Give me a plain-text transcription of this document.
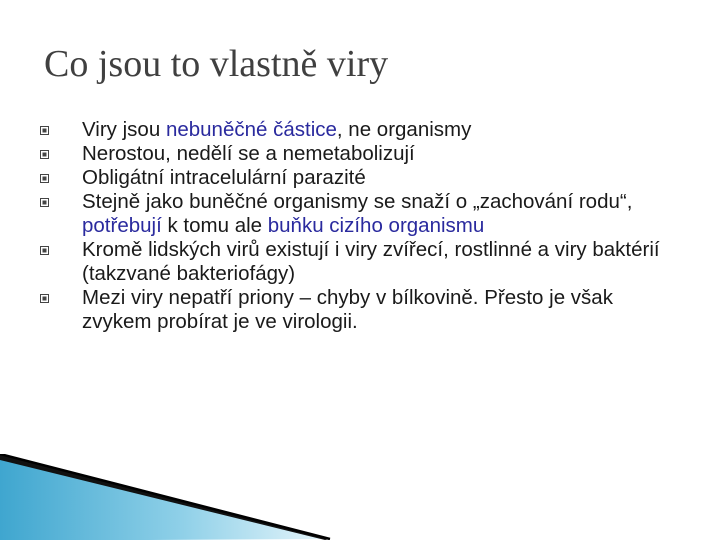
Co jsou to vlastně viry
Viry jsou nebuněčné částice, ne organismy
Nerostou, nedělí se a nemetabolizují
Obligátní intracelulární parazité
Stejně jako buněčné organismy se snaží o „zachování rodu“, potřebují k tomu ale buňku cizího organismu
Kromě lidských virů existují i viry zvířecí, rostlinné a viry baktérií (takzvané bakteriofágy)
Mezi viry nepatří priony – chyby v bílkovině. Přesto je však zvykem probírat je ve virologii.
